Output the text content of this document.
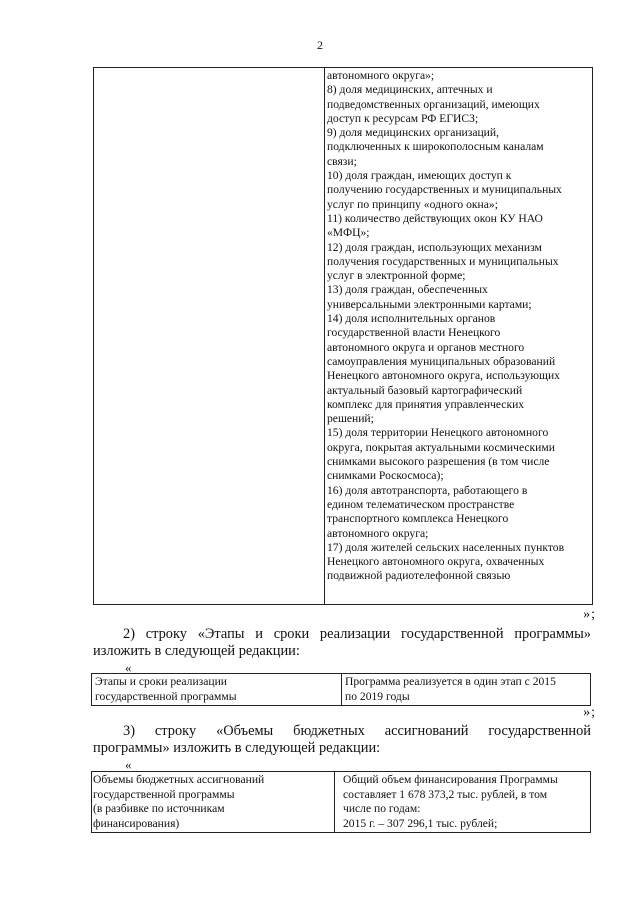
2
автономного округа»;
8) доля медицинских, аптечных и
подведомственных организаций, имеющих
доступ к ресурсам РФ ЕГИСЗ;
9) доля медицинских организаций,
подключенных к широкополосным каналам
связи;
10) доля граждан, имеющих доступ к
получению государственных и муниципальных
услуг по принципу «одного окна»;
11) количество действующих окон КУ НАО
«МФЦ»;
12) доля граждан, использующих механизм
получения государственных и муниципальных
услуг в электронной форме;
13) доля граждан, обеспеченных
универсальными электронными картами;
14) доля исполнительных органов
государственной власти Ненецкого
автономного округа и органов местного
самоуправления муниципальных образований
Ненецкого автономного округа, использующих
актуальный базовый картографический
комплекс для принятия управленческих
решений;
15) доля территории Ненецкого автономного
округа, покрытая актуальными космическими
снимками высокого разрешения (в том числе
снимками Роскосмоса);
16) доля автотранспорта, работающего в
едином телематическом пространстве
транспортного комплекса Ненецкого
автономного округа;
17) доля жителей сельских населенных пунктов
Ненецкого автономного округа, охваченных
подвижной радиотелефонной связью
»;
2) строку «Этапы и сроки реализации государственной программы»
изложить в следующей редакции:
«
Этапы и сроки реализации
государственной программы
Программа реализуется в один этап с 2015
по 2019 годы
»;
3) строку «Объемы бюджетных ассигнований государственной
программы» изложить в следующей редакции:
«
Объемы бюджетных ассигнований
государственной программы
(в разбивке по источникам
финансирования)
Общий объем финансирования Программы
составляет 1 678 373,2 тыс. рублей, в том
числе по годам:
2015 г. – 307 296,1 тыс. рублей;
